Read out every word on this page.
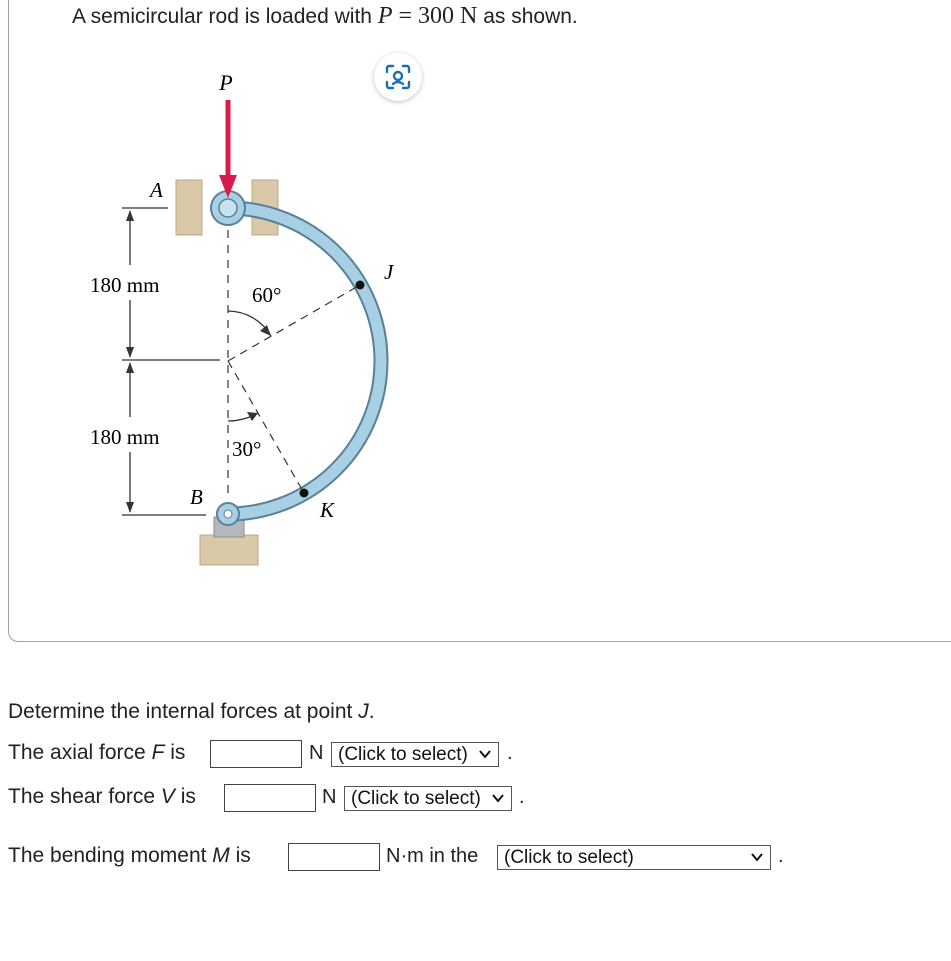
A semicircular rod is loaded with P = 300 N as shown.
P
60°
30°
J
K
A
B
180 mm
180 mm
Determine the internal forces at point J.
The axial force F is	N (Click to select) .
The shear force V is	N (Click to select) .
The bending moment M is	N·m in the (Click to select)	.
